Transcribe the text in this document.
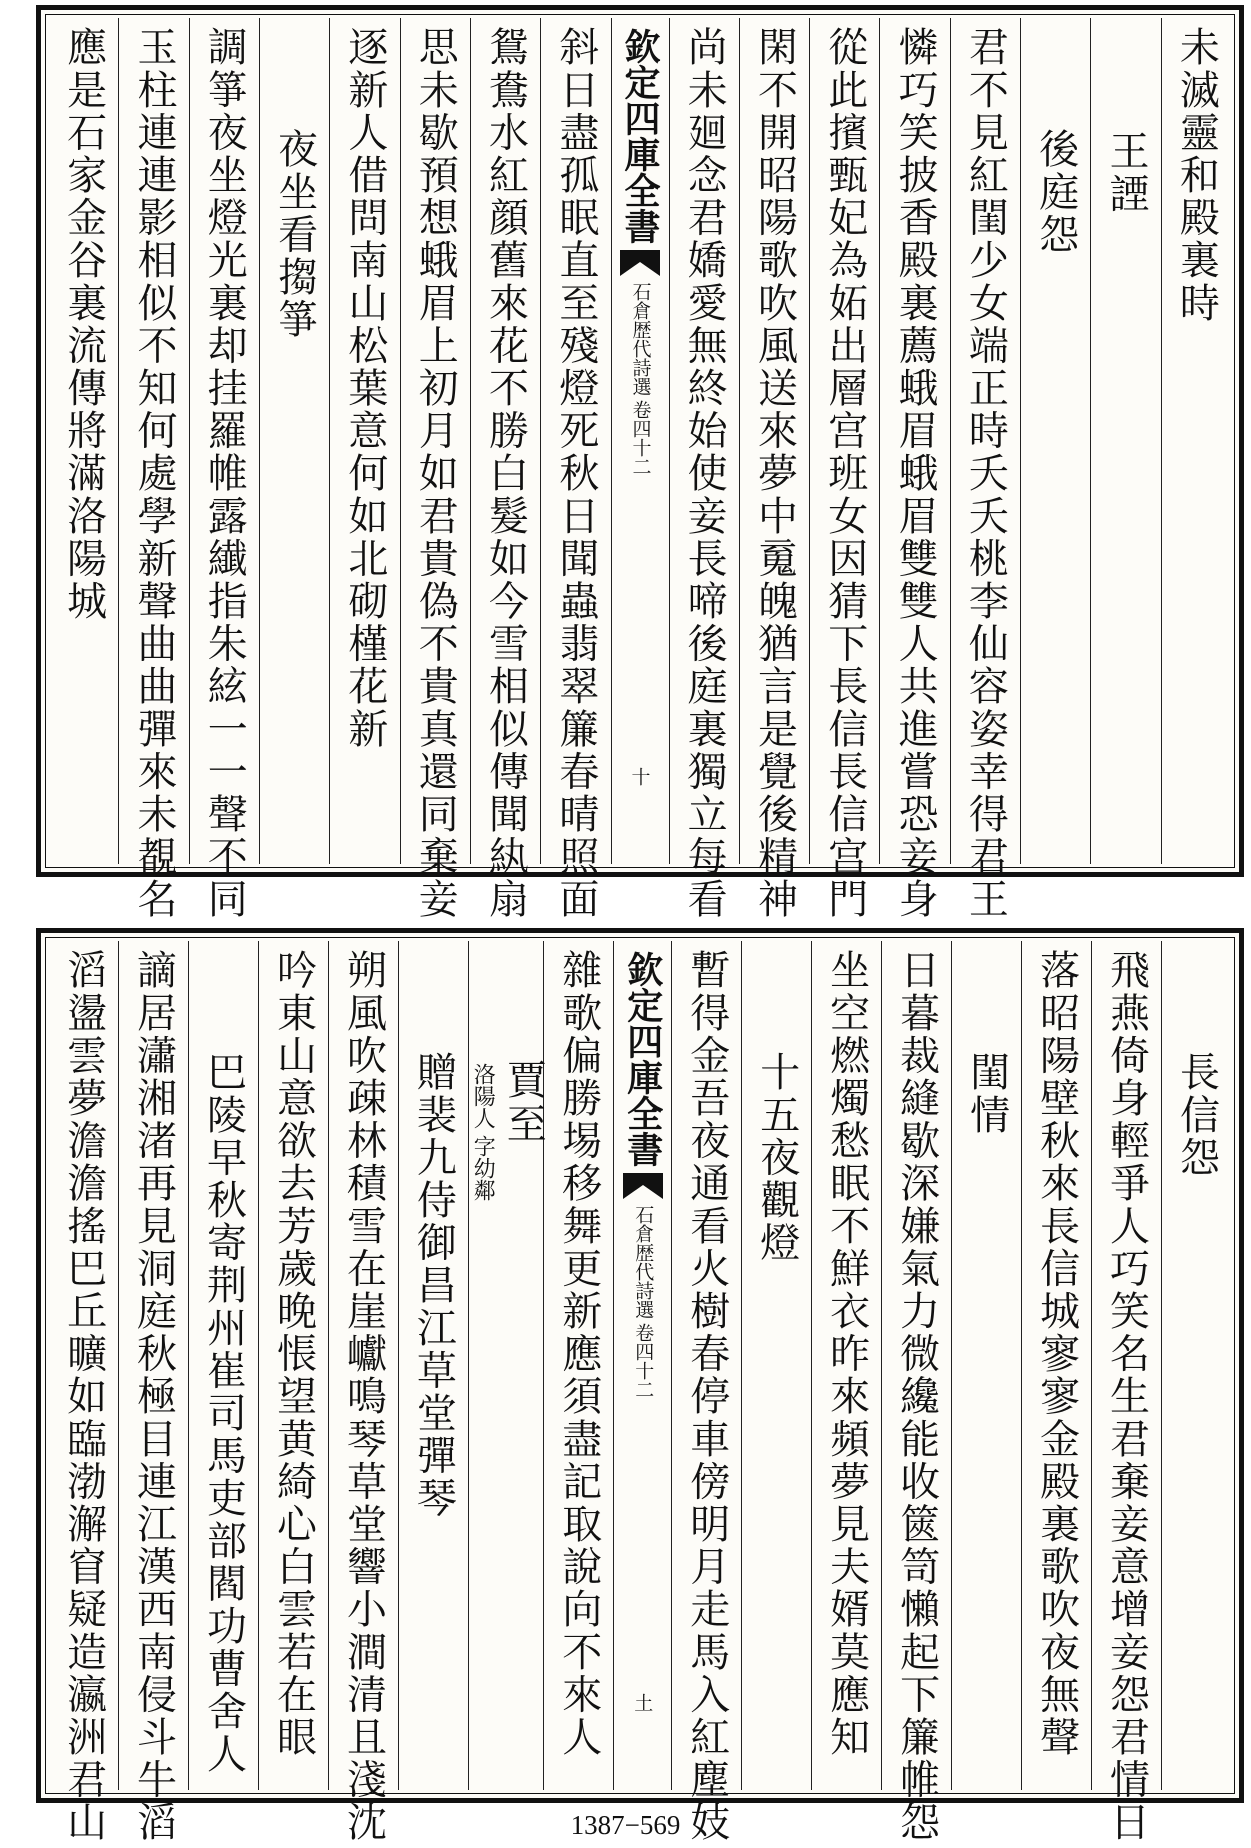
未滅靈和殿裏時
王諲
後庭怨
君不見紅閨少女端正時夭夭桃李仙容姿幸得君王
憐巧笑披香殿裏薦蛾眉蛾眉雙雙人共進嘗恐妾身
從此擯甄妃為妬出層宫班女因猜下長信長信宫門
閑不開昭陽歌吹風送來夢中䰟魄猶言是覺後精神
尚未廻念君嬌愛無終始使妾長啼後庭裏獨立每看
欽定四庫全書
石倉歴代詩選
卷四十二
十
斜日盡孤眠直至殘燈死秋日聞蟲翡翠簾春晴照面
鴛鴦水紅顔舊來花不勝白髮如今雪相似傳聞紈扇
思未歇預想蛾眉上初月如君貴偽不貴真還同棄妾
逐新人借問南山松葉意何如北砌槿花新
夜坐看搊箏
調箏夜坐燈光裏却挂羅帷露纎指朱絃一一聲不同
玉柱連連影相似不知何處學新聲曲曲彈來未覩名
應是石家金谷裏流傳將滿洛陽城
長信怨
飛燕倚身輕爭人巧笑名生君棄妾意增妾怨君情日
落昭陽壁秋來長信城寥寥金殿裏歌吹夜無聲
閨情
日暮裁縫歇深嫌氣力微纔能收篋笥懶起下簾帷怨
坐空燃燭愁眠不鮮衣昨來頻夢見夫婿莫應知
十五夜觀燈
暫得金吾夜通看火樹春停車傍明月走馬入紅塵妓
欽定四庫全書
石倉歴代詩選
卷四十二
土
雜歌偏勝埸移舞更新應須盡記取說向不來人
賈至
字幼鄰
洛陽人
贈裴九侍御昌江草堂彈琴
朔風吹疎林積雪在崖巘鳴琴草堂響小澗清且淺沈
吟東山意欲去芳歲晚悵望黄綺心白雲若在眼
巴陵早秋寄荆州崔司馬吏部閻功曹舍人
謫居瀟湘渚再見洞庭秋極目連江漢西南侵斗牛滔
滔盪雲夢澹澹搖巴丘曠如臨渤澥窅疑造瀛洲君山	1387−569
